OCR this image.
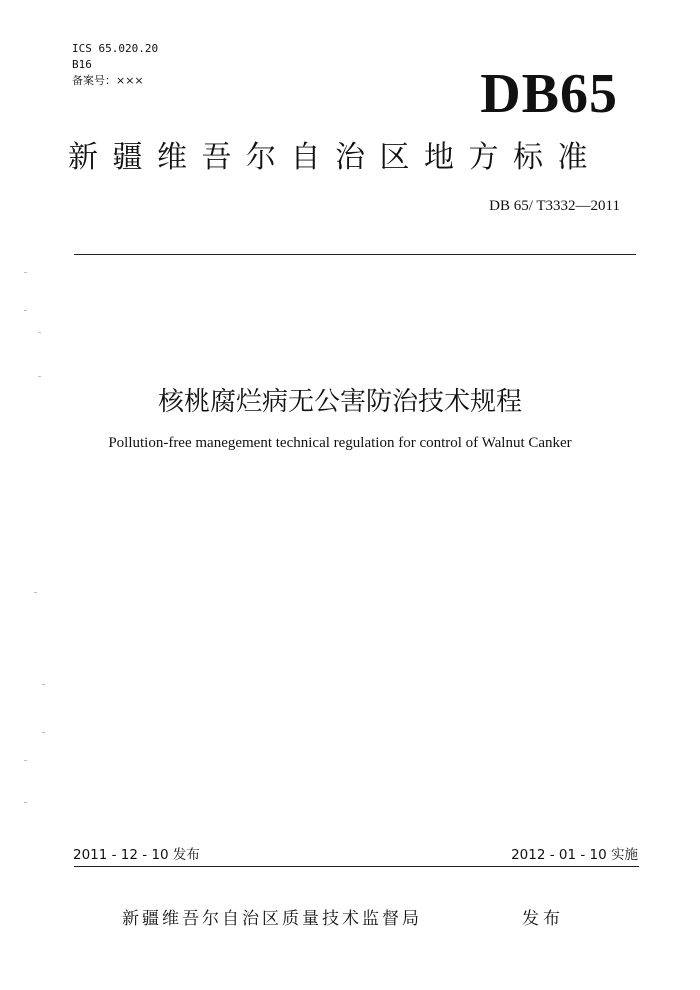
ICS 65.020.20
B16
备案号：×××	DB65
新疆维吾尔自治区地方标准
DB 65/ T3332—2011
核桃腐烂病无公害防治技术规程
Pollution-free manegement technical regulation for control of Walnut Canker
2011 - 12 - 10 发布	2012 - 01 - 10 实施
新疆维吾尔自治区质量技术监督局	发布
